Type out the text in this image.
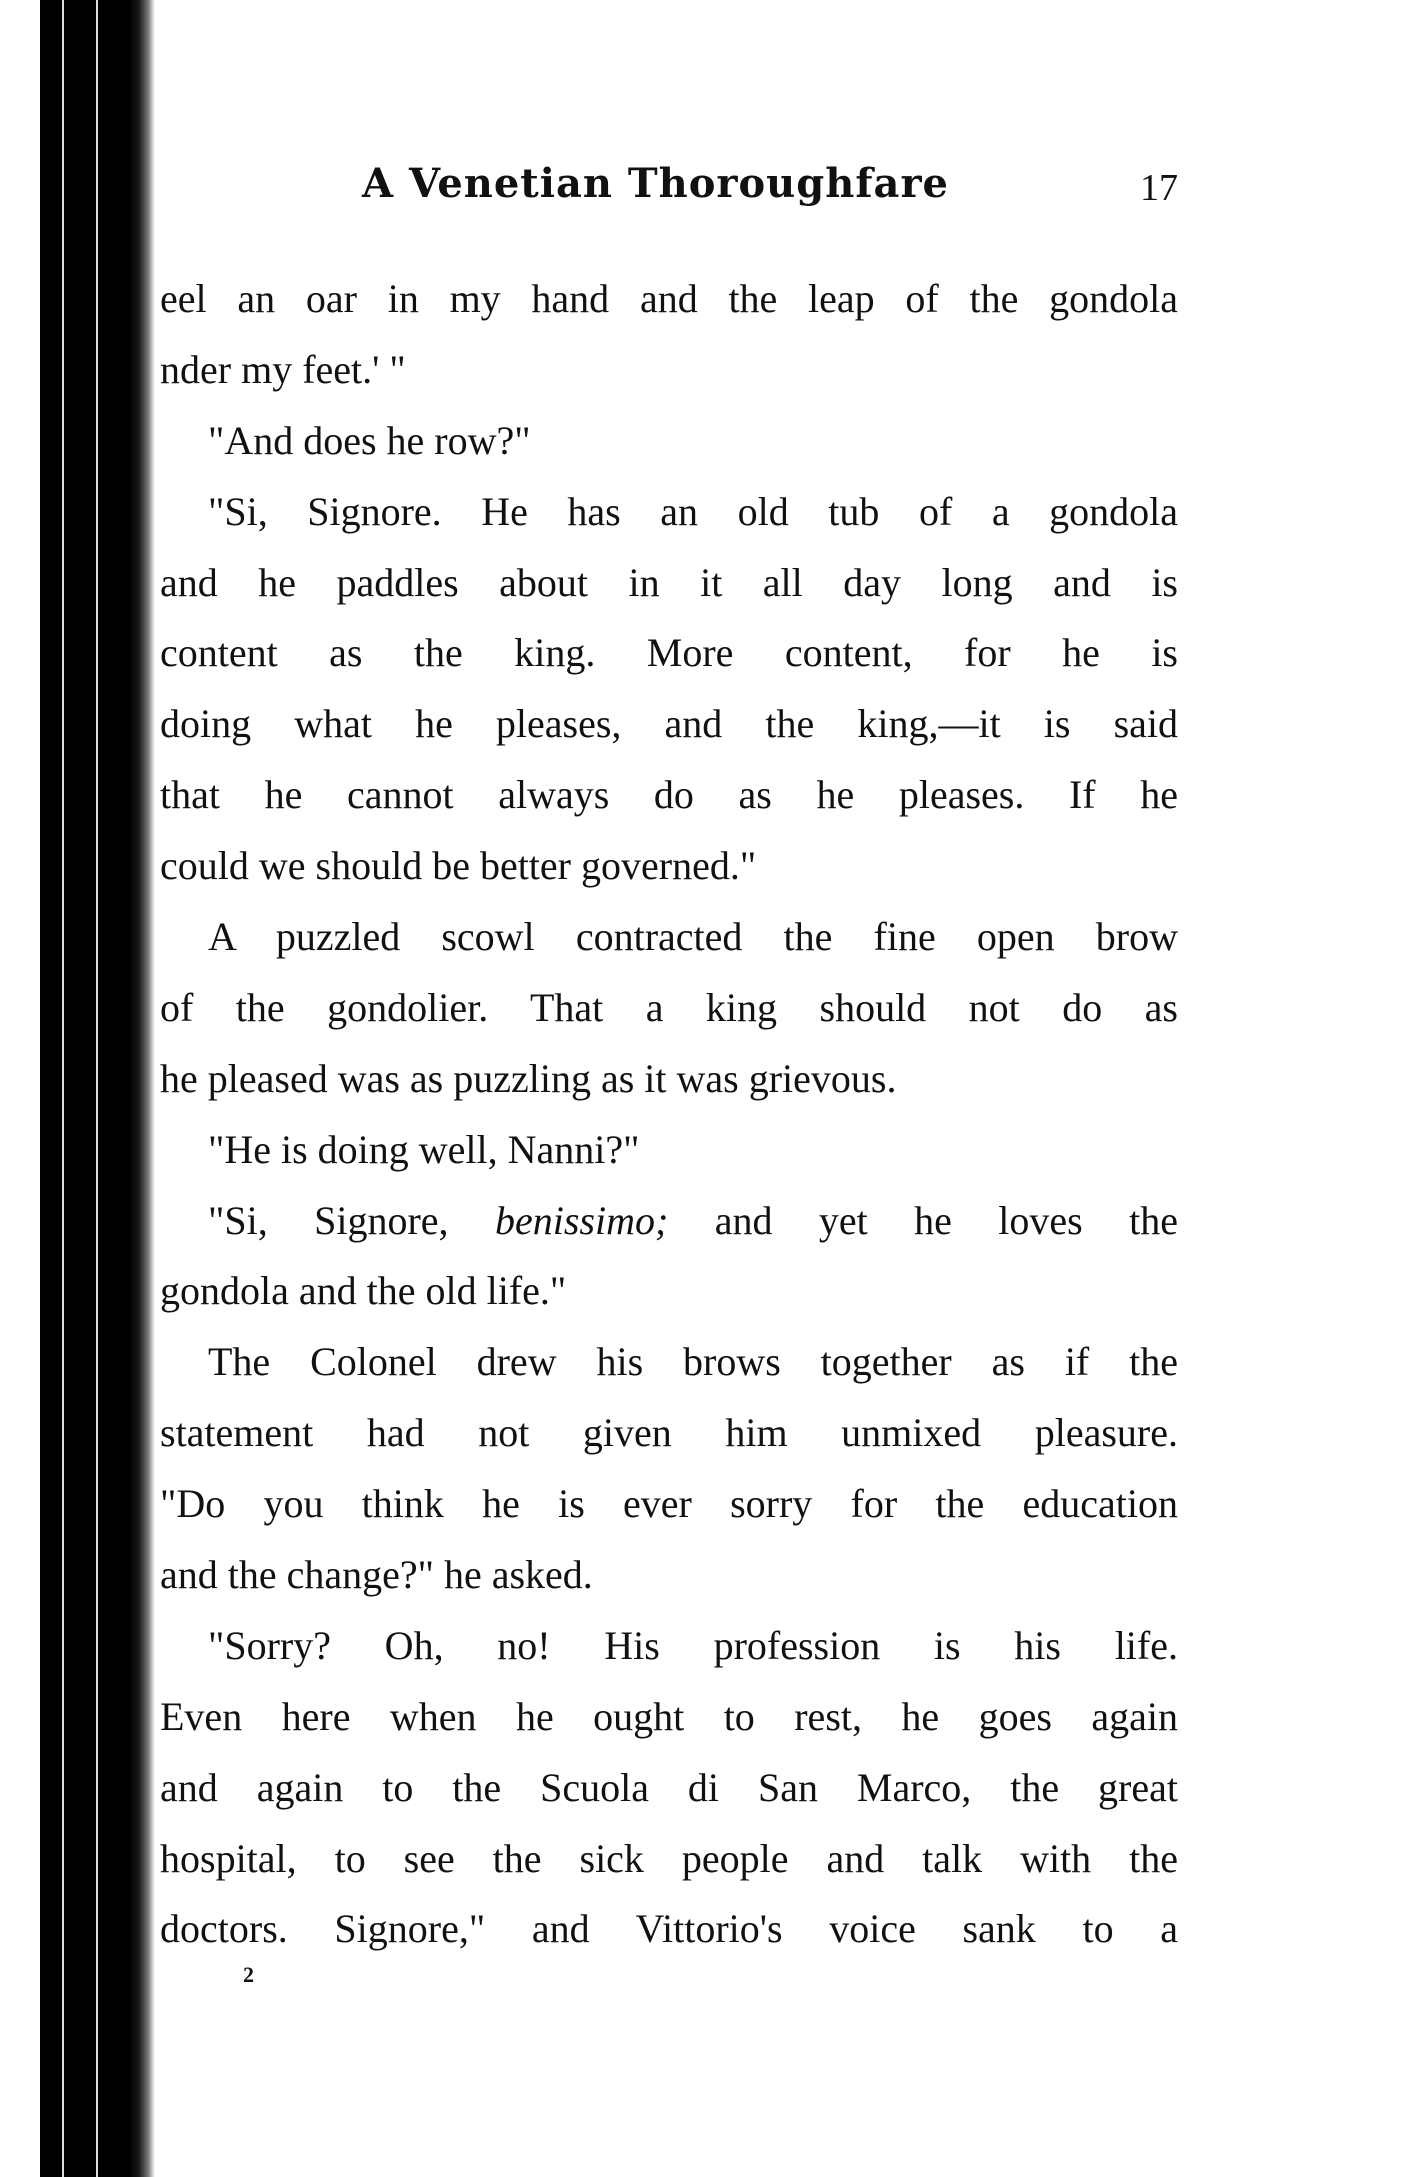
A Venetian Thoroughfare	17
eel an oar in my hand and the leap of the gondola
nder my feet.' "
"And does he row?"
"Si, Signore. He has an old tub of a gondola
and he paddles about in it all day long and is
content as the king. More content, for he is
doing what he pleases, and the king,—it is said
that he cannot always do as he pleases. If he
could we should be better governed."
A puzzled scowl contracted the fine open brow
of the gondolier. That a king should not do as
he pleased was as puzzling as it was grievous.
"He is doing well, Nanni?"
"Si, Signore, benissimo; and yet he loves the
gondola and the old life."
The Colonel drew his brows together as if the
statement had not given him unmixed pleasure.
"Do you think he is ever sorry for the education
and the change?" he asked.
"Sorry? Oh, no! His profession is his life.
Even here when he ought to rest, he goes again
and again to the Scuola di San Marco, the great
hospital, to see the sick people and talk with the
doctors. Signore," and Vittorio's voice sank to a
2
